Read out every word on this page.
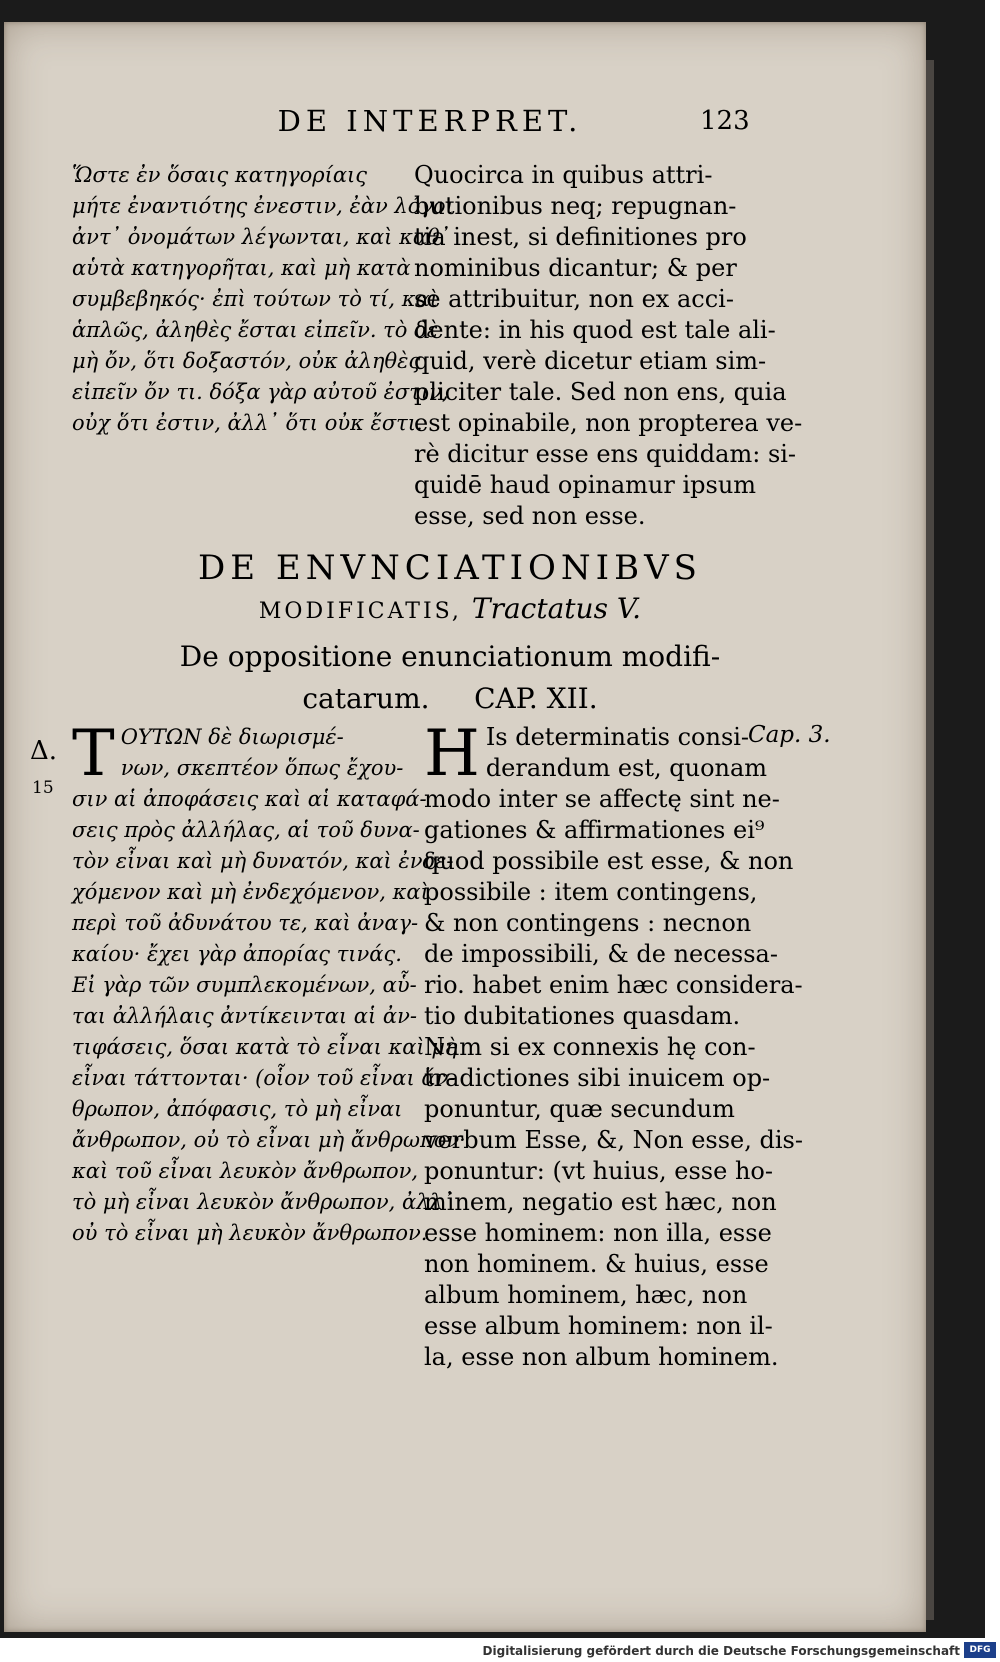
DE INTERPRET.	123
Ὥστε ἐν ὅσαις κατηγορίαις
μήτε ἐναντιότης ἐνεστιν, ἐὰν λόγοι
ἀντ᾽ ὀνομάτων λέγωνται, καὶ καθ᾽
αὑτὰ κατηγορῆται, καὶ μὴ κατὰ
συμβεβηκός· ἐπὶ τούτων τὸ τί, καὶ
ἁπλῶς, ἀληθὲς ἔσται εἰπεῖν. τὸ δὲ
μὴ ὄν, ὅτι δοξαστόν, οὐκ ἀληθὲς
εἰπεῖν ὄν τι. δόξα γὰρ αὐτοῦ ἐστιν,
οὐχ ὅτι ἐστιν, ἀλλ᾽ ὅτι οὐκ ἔστι.
Quocirca in quibus attri-
butionibus neq; repugnan-
tia inest, si definitiones pro
nominibus dicantur; & per
se attribuitur, non ex acci-
dente: in his quod est tale ali-
quid, verè dicetur etiam sim-
pliciter tale. Sed non ens, quia
est opinabile, non propterea ve-
rè dicitur esse ens quiddam: si-
quidē haud opinamur ipsum
esse, sed non esse.
DE ENVNCIATIONIBVS
MODIFICATIS, Tractatus V.
De oppositione enunciationum modifi-
catarum. CAP. XII.
Δ.
15
Cap. 3.
Τ ΟΥΤΩΝ δὲ διωρισμέ-
νων, σκεπτέον ὅπως ἔχου-
σιν αἱ ἀποφάσεις καὶ αἱ καταφά-
σεις πρὸς ἀλλήλας, αἱ τοῦ δυνα-
τὸν εἶναι καὶ μὴ δυνατόν, καὶ ἐνδε-
χόμενον καὶ μὴ ἐνδεχόμενον, καὶ
περὶ τοῦ ἀδυνάτου τε, καὶ ἀναγ-
καίου· ἔχει γὰρ ἀπορίας τινάς.
Εἰ γὰρ τῶν συμπλεκομένων, αὗ-
ται ἀλλήλαις ἀντίκεινται αἱ ἀν-
τιφάσεις, ὅσαι κατὰ τὸ εἶναι καὶ μὴ
εἶναι τάττονται· (οἷον τοῦ εἶναι ἄν-
θρωπον, ἀπόφασις, τὸ μὴ εἶναι
ἄνθρωπον, οὐ τὸ εἶναι μὴ ἄνθρωπον·
καὶ τοῦ εἶναι λευκὸν ἄνθρωπον,
τὸ μὴ εἶναι λευκὸν ἄνθρωπον, ἀλλ᾽
οὐ τὸ εἶναι μὴ λευκὸν ἄνθρωπον.
H Is determinatis consi-
derandum est, quonam
modo inter se affectę sint ne-
gationes & affirmationes ei⁹
quod possibile est esse, & non
possibile : item contingens,
& non contingens : necnon
de impossibili, & de necessa-
rio. habet enim hæc considera-
tio dubitationes quasdam.
Nam si ex connexis hę con-
tradictiones sibi inuicem op-
ponuntur, quæ secundum
verbum Esse, &, Non esse, dis-
ponuntur: (vt huius, esse ho-
minem, negatio est hæc, non
esse hominem: non illa, esse
non hominem. & huius, esse
album hominem, hæc, non
esse album hominem: non il-
la, esse non album hominem.
Digitalisierung gefördert durch die Deutsche Forschungsgemeinschaft	DFG
